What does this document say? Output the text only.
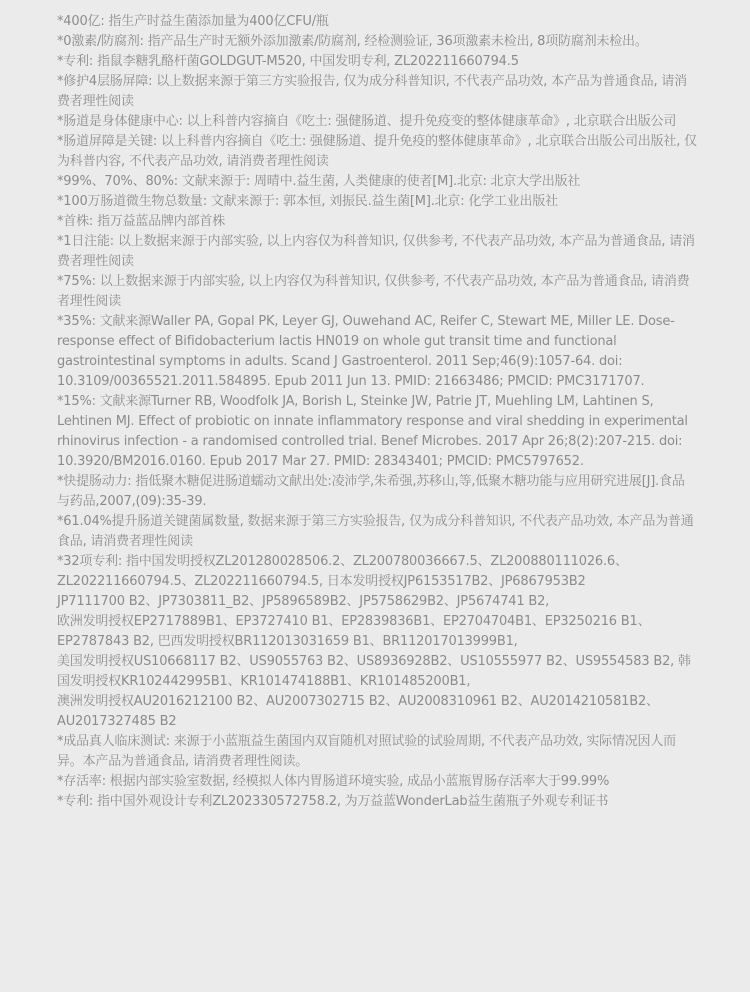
*400亿: 指生产时益生菌添加量为400亿CFU/瓶

*0激素/防腐剂: 指产品生产时无额外添加激素/防腐剂, 经检测验证, 36项激素未检出, 8项防腐剂未检出。

*专利: 指鼠李糖乳酪杆菌GOLDGUT-M520, 中国发明专利, ZL202211660794.5

*修护4层肠屏障: 以上数据来源于第三方实验报告, 仅为成分科普知识, 不代表产品功效, 本产品为普通食品, 请消费者理性阅读

*肠道是身体健康中心: 以上科普内容摘自《吃土: 强健肠道、提升免疫变的整体健康革命》, 北京联合出版公司

*肠道屏障是关键: 以上科普内容摘自《吃土: 强健肠道、提升免疫的整体健康革命》, 北京联合出版公司出版社, 仅为科普内容, 不代表产品功效, 请消费者理性阅读

*99%、70%、80%: 文献来源于: 周晴中.益生菌, 人类健康的使者[M].北京: 北京大学出版社

*100万肠道微生物总数量: 文献来源于: 郭本恒, 刘振民.益生菌[M].北京: 化学工业出版社

*首株: 指万益蓝品牌内部首株

*1日注能: 以上数据来源于内部实验, 以上内容仅为科普知识, 仅供参考, 不代表产品功效, 本产品为普通食品, 请消费者理性阅读

*75%: 以上数据来源于内部实验, 以上内容仅为科普知识, 仅供参考, 不代表产品功效, 本产品为普通食品, 请消费者理性阅读

*35%: 文献来源Waller PA, Gopal PK, Leyer GJ, Ouwehand AC, Reifer C, Stewart ME, Miller LE. Dose-response effect of Bifidobacterium lactis HN019 on whole gut transit time and functional gastrointestinal symptoms in adults. Scand J Gastroenterol. 2011 Sep;46(9):1057-64. doi: 10.3109/00365521.2011.584895. Epub 2011 Jun 13. PMID: 21663486; PMCID: PMC3171707.

*15%: 文献来源Turner RB, Woodfolk JA, Borish L, Steinke JW, Patrie JT, Muehling LM, Lahtinen S, Lehtinen MJ. Effect of probiotic on innate inflammatory response and viral shedding in experimental rhinovirus infection - a randomised controlled trial. Benef Microbes. 2017 Apr 26;8(2):207-215. doi: 10.3920/BM2016.0160. Epub 2017 Mar 27. PMID: 28343401; PMCID: PMC5797652.

*快提肠动力: 指低聚木糖促进肠道蠕动文献出处:凌沛学,朱希强,苏移山,等,低聚木糖功能与应用研究进展[J].食品与药品,2007,(09):35-39.

*61.04%提升肠道关键菌属数量, 数据来源于第三方实验报告, 仅为成分科普知识, 不代表产品功效, 本产品为普通食品, 请消费者理性阅读

*32项专利: 指中国发明授权ZL201280028506.2、ZL200780036667.5、ZL200880111026.6、ZL202211660794.5、ZL202211660794.5, 日本发明授权JP6153517B2、JP6867953B2
JP7111700 B2、JP7303811_B2、JP5896589B2、JP5758629B2、JP5674741 B2,
欧洲发明授权EP2717889B1、EP3727410 B1、EP2839836B1、EP2704704B1、EP3250216 B1、EP2787843 B2, 巴西发明授权BR112013031659 B1、BR112017013999B1,
美国发明授权US10668117 B2、US9055763 B2、US8936928B2、US10555977 B2、US9554583 B2, 韩国发明授权KR102442995B1、KR101474188B1、KR101485200B1,
澳洲发明授权AU2016212100 B2、AU2007302715 B2、AU2008310961 B2、AU2014210581B2、AU2017327485 B2

*成品真人临床测试: 来源于小蓝瓶益生菌国内双盲随机对照试验的试验周期, 不代表产品功效, 实际情况因人而异。本产品为普通食品, 请消费者理性阅读。

*存活率: 根据内部实验室数据, 经模拟人体内胃肠道环境实验, 成品小蓝瓶胃肠存活率大于99.99%

*专利: 指中国外观设计专利ZL202330572758.2, 为万益蓝WonderLab益生菌瓶子外观专利证书
